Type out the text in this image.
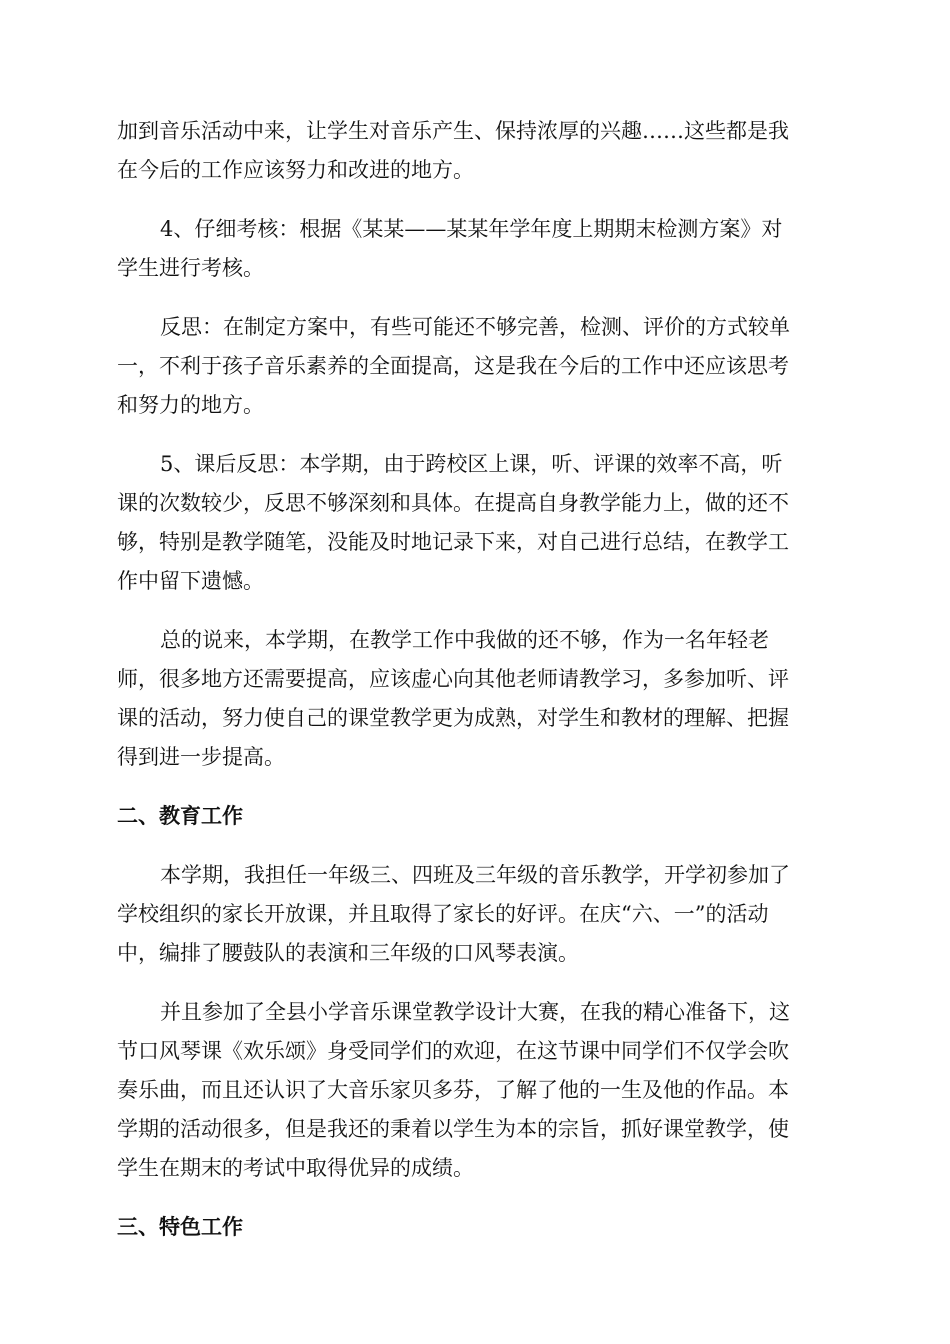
加到音乐活动中来，让学生对音乐产生、保持浓厚的兴趣……这些都是我
在今后的工作应该努力和改进的地方。
4、仔细考核：根据《某某——某某年学年度上期期末检测方案》对
学生进行考核。
反思：在制定方案中，有些可能还不够完善，检测、评价的方式较单
一，不利于孩子音乐素养的全面提高，这是我在今后的工作中还应该思考
和努力的地方。
5、课后反思：本学期，由于跨校区上课，听、评课的效率不高，听
课的次数较少，反思不够深刻和具体。在提高自身教学能力上，做的还不
够，特别是教学随笔，没能及时地记录下来，对自己进行总结，在教学工
作中留下遗憾。
总的说来，本学期，在教学工作中我做的还不够，作为一名年轻老
师，很多地方还需要提高，应该虚心向其他老师请教学习，多参加听、评
课的活动，努力使自己的课堂教学更为成熟，对学生和教材的理解、把握
得到进一步提高。
二、教育工作
本学期，我担任一年级三、四班及三年级的音乐教学，开学初参加了
学校组织的家长开放课，并且取得了家长的好评。在庆“六、一”的活动
中，编排了腰鼓队的表演和三年级的口风琴表演。
并且参加了全县小学音乐课堂教学设计大赛，在我的精心准备下，这
节口风琴课《欢乐颂》身受同学们的欢迎，在这节课中同学们不仅学会吹
奏乐曲，而且还认识了大音乐家贝多芬，了解了他的一生及他的作品。本
学期的活动很多，但是我还的秉着以学生为本的宗旨，抓好课堂教学，使
学生在期末的考试中取得优异的成绩。
三、特色工作
